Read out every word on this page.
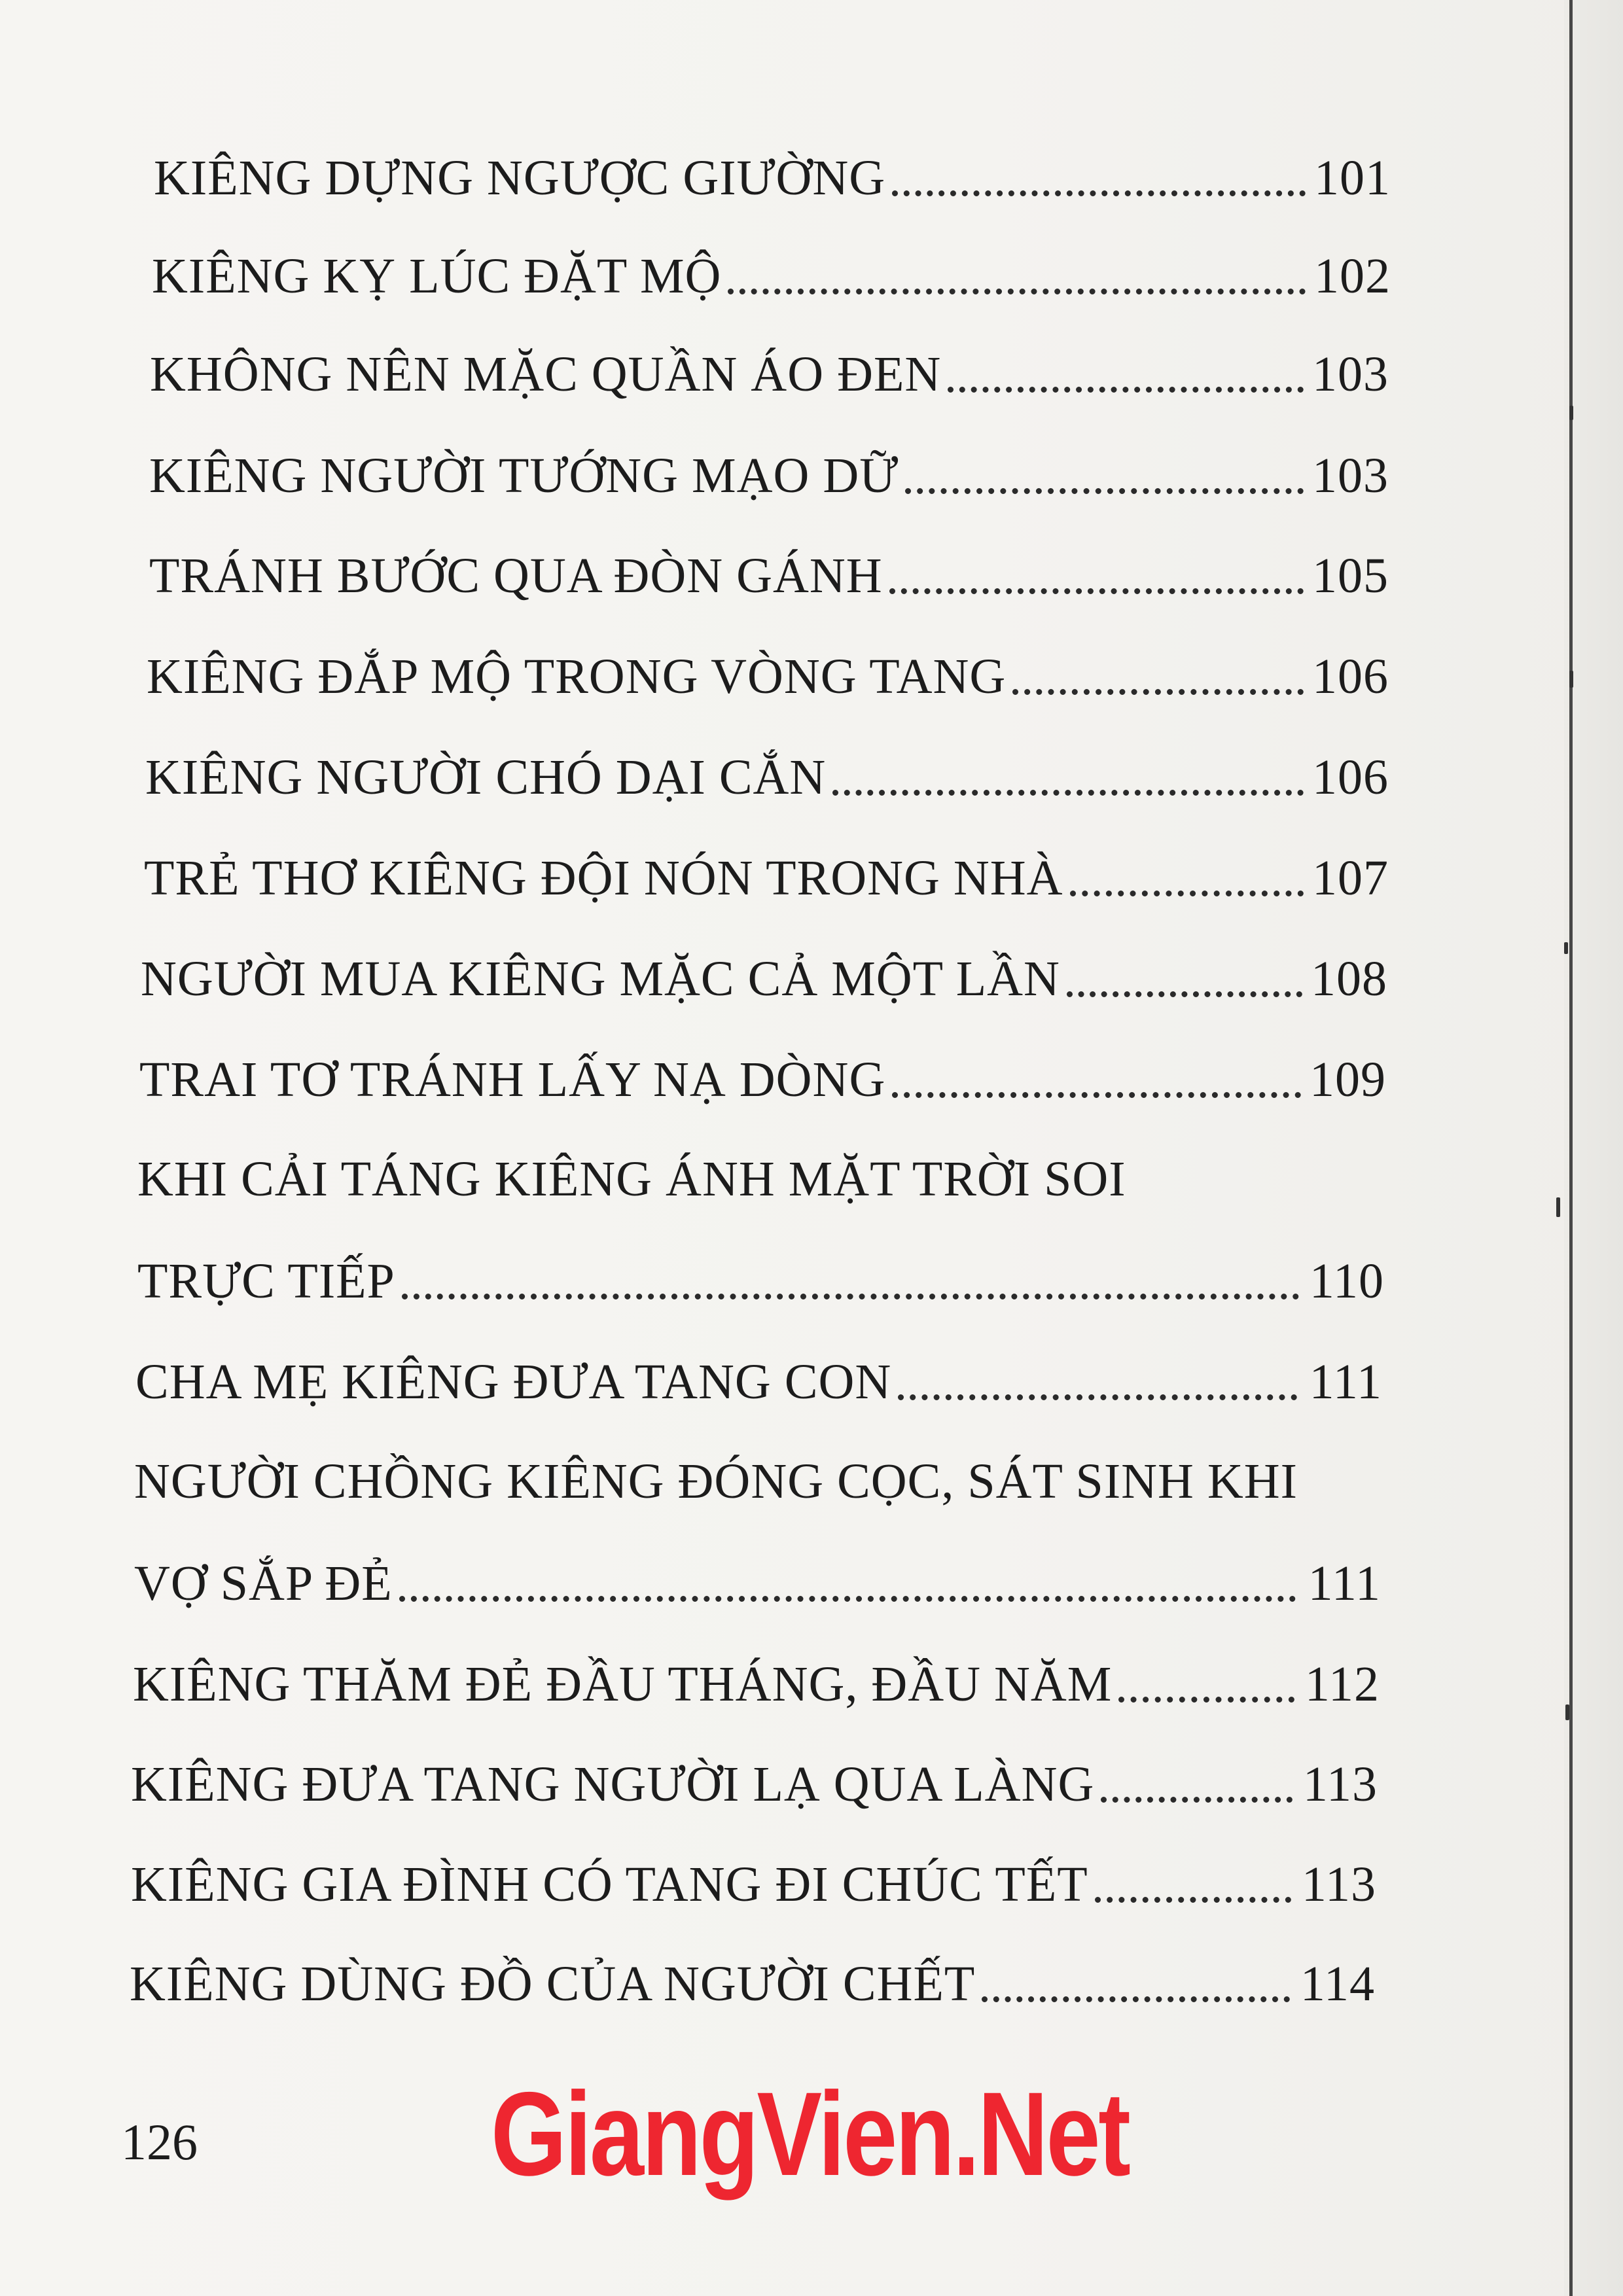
KIÊNG DỰNG NGƯỢC GIƯỜNG	101
KIÊNG KỴ LÚC ĐẶT MỘ	102
KHÔNG NÊN MẶC QUẦN ÁO ĐEN	103
KIÊNG NGƯỜI TƯỚNG MẠO DỮ	103
TRÁNH BƯỚC QUA ĐÒN GÁNH	105
KIÊNG ĐẮP MỘ TRONG VÒNG TANG	106
KIÊNG NGƯỜI CHÓ DẠI CẮN	106
TRẺ THƠ KIÊNG ĐỘI NÓN TRONG NHÀ	107
NGƯỜI MUA KIÊNG MẶC CẢ MỘT LẦN	108
TRAI TƠ TRÁNH LẤY NẠ DÒNG	109
KHI CẢI TÁNG KIÊNG ÁNH MẶT TRỜI SOI
TRỰC TIẾP	110
CHA MẸ KIÊNG ĐƯA TANG CON	111
NGƯỜI CHỒNG KIÊNG ĐÓNG CỌC, SÁT SINH KHI
VỢ SẮP ĐẺ	111
KIÊNG THĂM ĐẺ ĐẦU THÁNG, ĐẦU NĂM	112
KIÊNG ĐƯA TANG NGƯỜI LẠ QUA LÀNG	113
KIÊNG GIA ĐÌNH CÓ TANG ĐI CHÚC TẾT	113
KIÊNG DÙNG ĐỒ CỦA NGƯỜI CHẾT	114
126 GiangVien.Net
